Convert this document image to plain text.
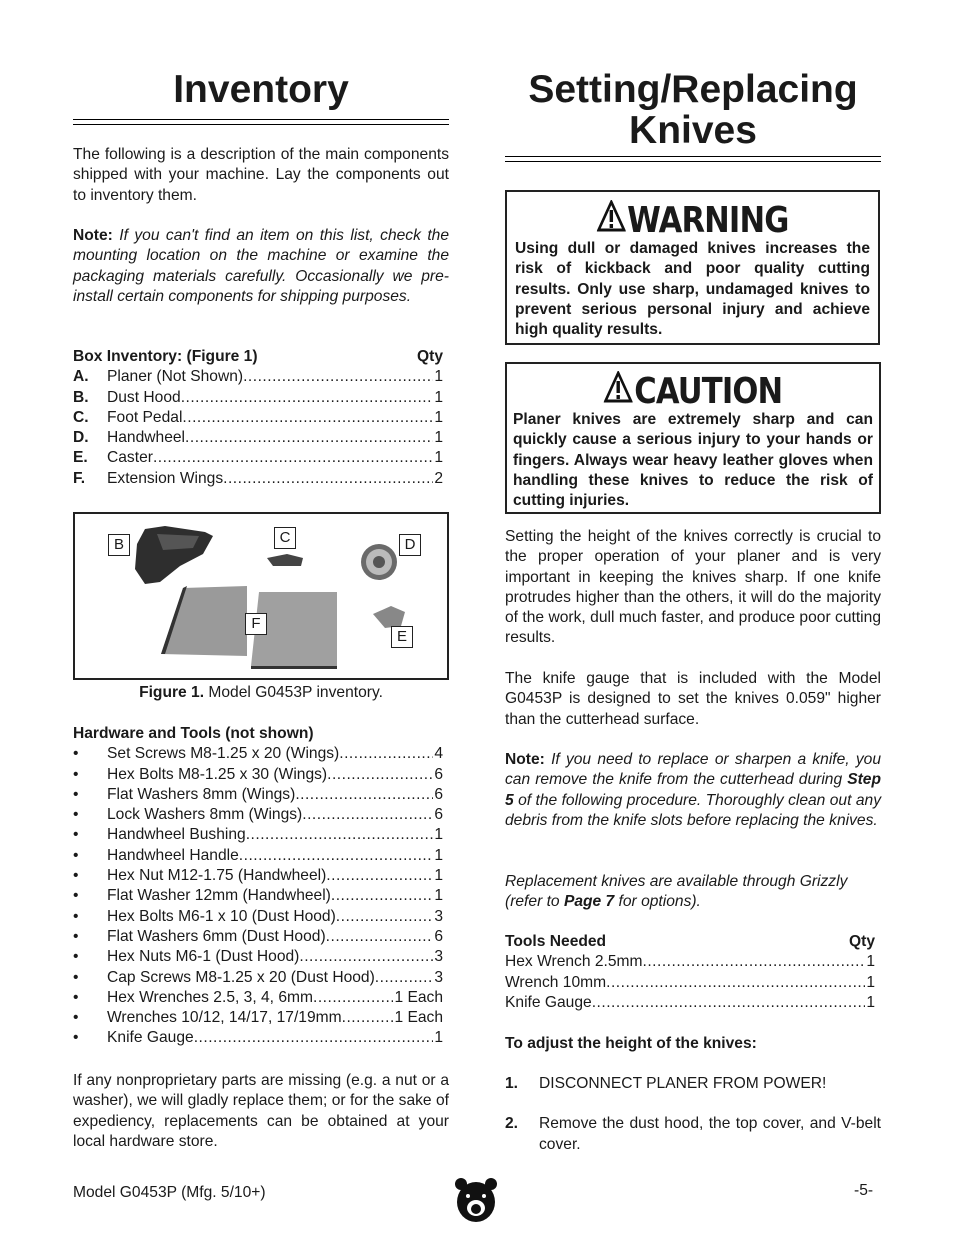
Inventory

The following is a description of the main components shipped with your machine. Lay the components out to inventory them.

Note: If you can't find an item on this list, check the mounting location on the machine or examine the packaging materials carefully. Occasionally we pre-install certain components for shipping purposes.

Box Inventory: (Figure 1)	Qty
A.	Planer (Not Shown) .....	1
B.	Dust Hood .....	1
C.	Foot Pedal .....	1
D.	Handwheel .....	1
E.	Caster .....	1
F.	Extension Wings .....	2
B	C	D
F
E

Figure 1. Model G0453P inventory.

Hardware and Tools (not shown)
•	Set Screws M8-1.25 x 20 (Wings) .....	4
•	Hex Bolts M8-1.25 x 30 (Wings) .....	6
•	Flat Washers 8mm (Wings) .....	6
•	Lock Washers 8mm (Wings) .....	6
•	Handwheel Bushing .....	1
•	Handwheel Handle .....	1
•	Hex Nut M12-1.75 (Handwheel) .....	1
•	Flat Washer 12mm (Handwheel) .....	1
•	Hex Bolts M6-1 x 10 (Dust Hood) .....	3
•	Flat Washers 6mm (Dust Hood) .....	6
•	Hex Nuts M6-1 (Dust Hood) .....	3
•	Cap Screws M8-1.25 x 20 (Dust Hood) .....	3
•	Hex Wrenches 2.5, 3, 4, 6mm .....	1 Each
•	Wrenches 10/12, 14/17, 17/19mm .....	1 Each
•	Knife Gauge .....	1

If any nonproprietary parts are missing (e.g. a nut or a washer), we will gladly replace them; or for the sake of expediency, replacements can be obtained at your local hardware store.

Setting/Replacing
Knives
WARNING
Using dull or damaged knives increases the risk of kickback and poor quality cutting results. Only use sharp, undamaged knives to prevent serious personal injury and achieve high quality results.
CAUTION
Planer knives are extremely sharp and can quickly cause a serious injury to your hands or fingers. Always wear heavy leather gloves when handling these knives to reduce the risk of cutting injuries.

Setting the height of the knives correctly is crucial to the proper operation of your planer and is very important in keeping the knives sharp. If one knife protrudes higher than the others, it will do the majority of the work, dull much faster, and produce poor cutting results.

The knife gauge that is included with the Model G0453P is designed to set the knives 0.059" higher than the cutterhead surface.

Note: If you need to replace or sharpen a knife, you can remove the knife from the cutterhead during Step 5 of the following procedure. Thoroughly clean out any debris from the knife slots before replacing the knives.

Replacement knives are available through Grizzly (refer to Page 7 for options).

Tools Needed	Qty
Hex Wrench 2.5mm .....	1
Wrench 10mm .....	1
Knife Gauge .....	1

To adjust the height of the knives:

1.	DISCONNECT PLANER FROM POWER!
2.	Remove the dust hood, the top cover, and V-belt cover.
Model G0453P (Mfg. 5/10+)	-5-
